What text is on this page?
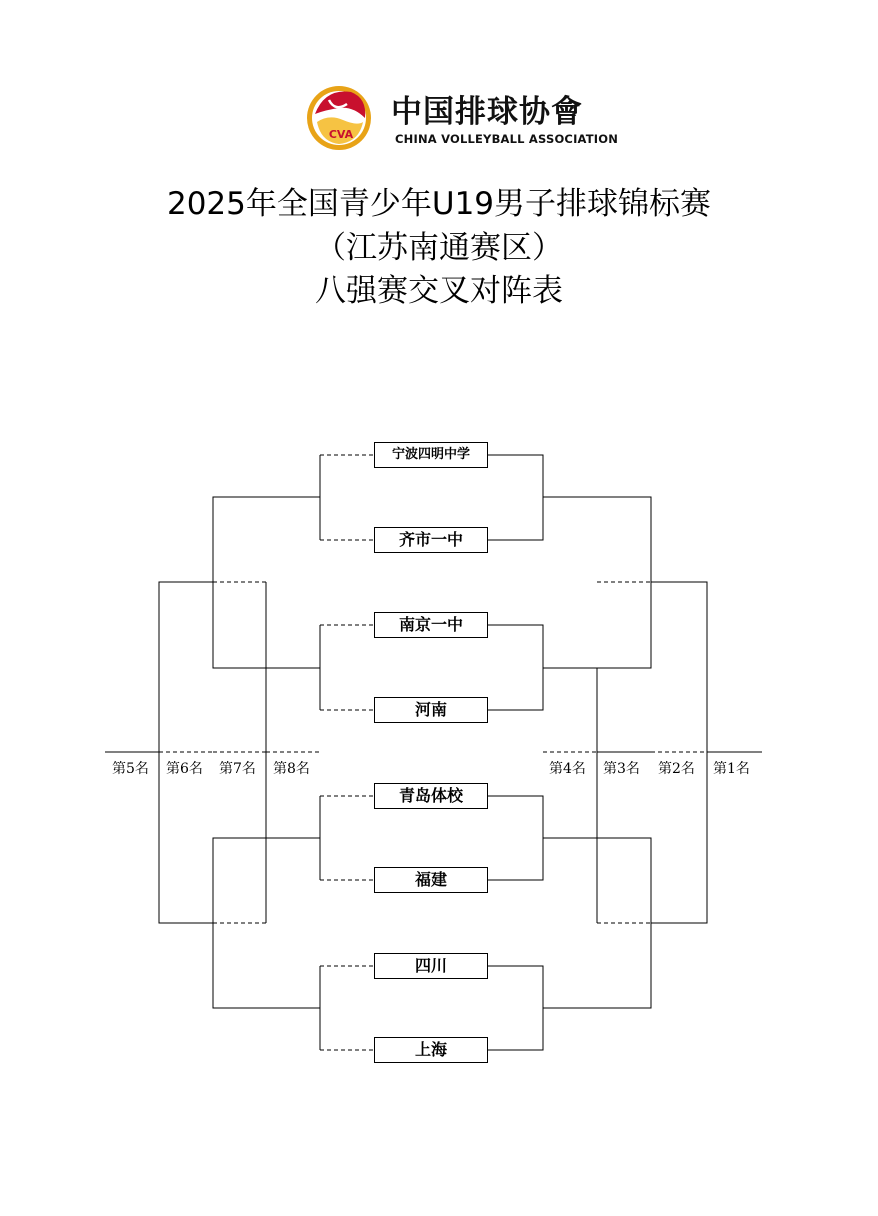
CVA
中国排球协會
CHINA VOLLEYBALL ASSOCIATION
2025年全国青少年U19男子排球锦标赛
（江苏南通赛区）
八强赛交叉对阵表
宁波四明中学
齐市一中
南京一中
河南
青岛体校
福建
四川
上海
第5名 第6名 第7名 第8名	第4名 第3名 第2名 第1名
